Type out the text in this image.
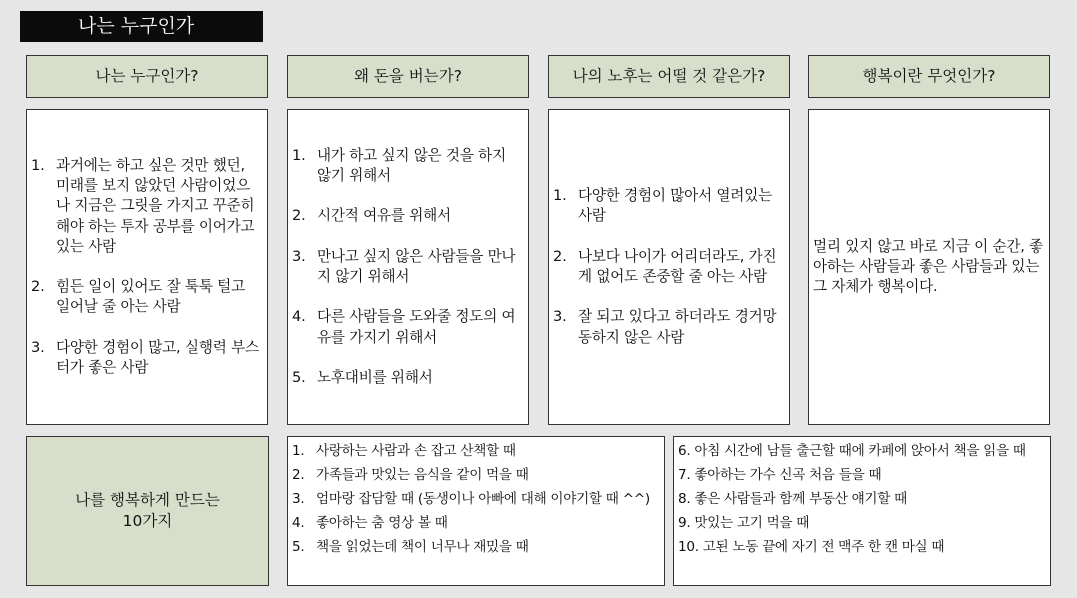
나는 누구인가
나는 누구인가?
1. 과거에는 하고 싶은 것만 했던, 미래를 보지 않았던 사람이었으나 지금은 그릿을 가지고 꾸준히 해야 하는 투자 공부를 이어가고 있는 사람
2. 힘든 일이 있어도 잘 툭툭 털고 일어날 줄 아는 사람
3. 다양한 경험이 많고, 실행력 부스터가 좋은 사람
왜 돈을 버는가?
1. 내가 하고 싶지 않은 것을 하지 않기 위해서
2. 시간적 여유를 위해서
3. 만나고 싶지 않은 사람들을 만나지 않기 위해서
4. 다른 사람들을 도와줄 정도의 여유를 가지기 위해서
5. 노후대비를 위해서
나의 노후는 어떨 것 같은가?
1. 다양한 경험이 많아서 열려있는 사람
2. 나보다 나이가 어리더라도, 가진 게 없어도 존중할 줄 아는 사람
3. 잘 되고 있다고 하더라도 경거망동하지 않은 사람
행복이란 무엇인가?
멀리 있지 않고 바로 지금 이 순간, 좋아하는 사람들과 좋은 사람들과 있는 그 자체가 행복이다.
나를 행복하게 만드는
10가지
1. 사랑하는 사람과 손 잡고 산책할 때
2. 가족들과 맛있는 음식을 같이 먹을 때
3. 엄마랑 잡담할 때 (동생이나 아빠에 대해 이야기할 때 ^^)
4. 좋아하는 춤 영상 볼 때
5. 책을 읽었는데 책이 너무나 재밌을 때
6. 아침 시간에 남들 출근할 때에 카페에 앉아서 책을 읽을 때
7. 좋아하는 가수 신곡 처음 들을 때
8. 좋은 사람들과 함께 부동산 얘기할 때
9. 맛있는 고기 먹을 때
10. 고된 노동 끝에 자기 전 맥주 한 캔 마실 때
